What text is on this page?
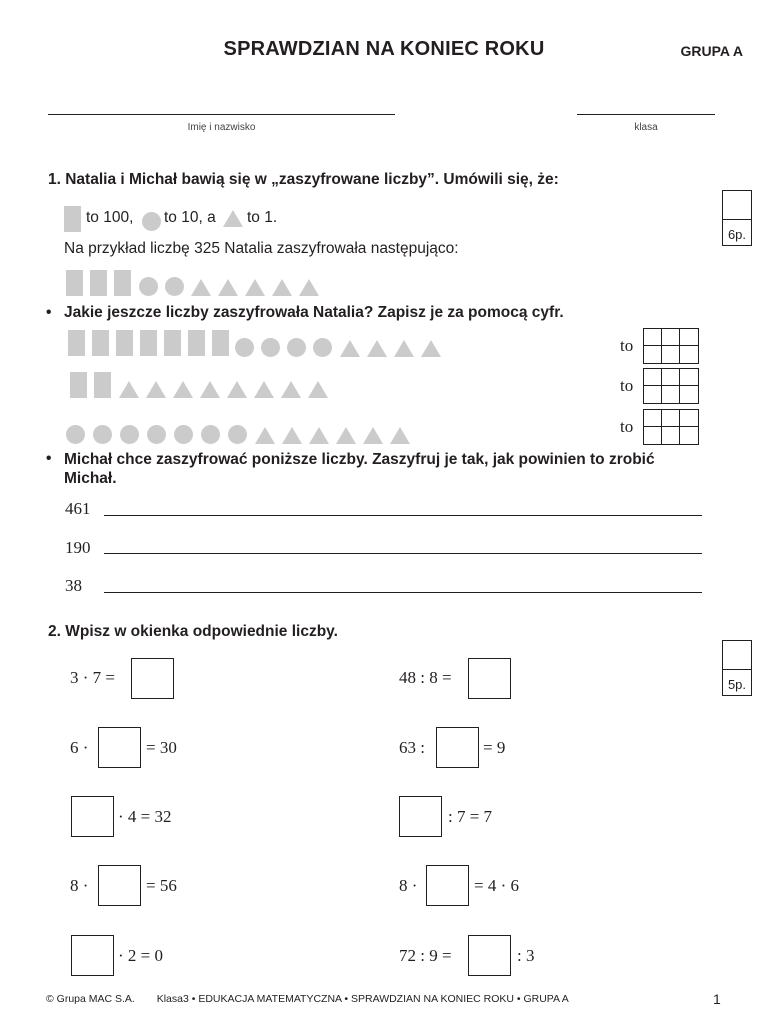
SPRAWDZIAN NA KONIEC ROKU	GRUPA A
Imię i nazwisko	klasa
1. Natalia i Michał bawią się w „zaszyfrowane liczby”. Umówili się, że:
6p.
to 100, to 10, a to 1.
Na przykład liczbę 325 Natalia zaszyfrowała następująco:
• Jakie jeszcze liczby zaszyfrowała Natalia? Zapisz je za pomocą cyfr.
to
to
to
• Michał chce zaszyfrować poniższe liczby. Zaszyfruj je tak, jak powinien to zrobić
Michał.
461
190
38
2. Wpisz w okienka odpowiednie liczby.
5p.
3 · 7 =
6 ·	= 30
· 4 = 32
8 ·	= 56
· 2 = 0
48 : 8 =
63 :	= 9
: 7 = 7
8 ·	= 4 · 6
72 : 9 =	: 3
© Grupa MAC S.A. Klasa3 • EDUKACJA MATEMATYCZNA • SPRAWDZIAN NA KONIEC ROKU • GRUPA A	1
